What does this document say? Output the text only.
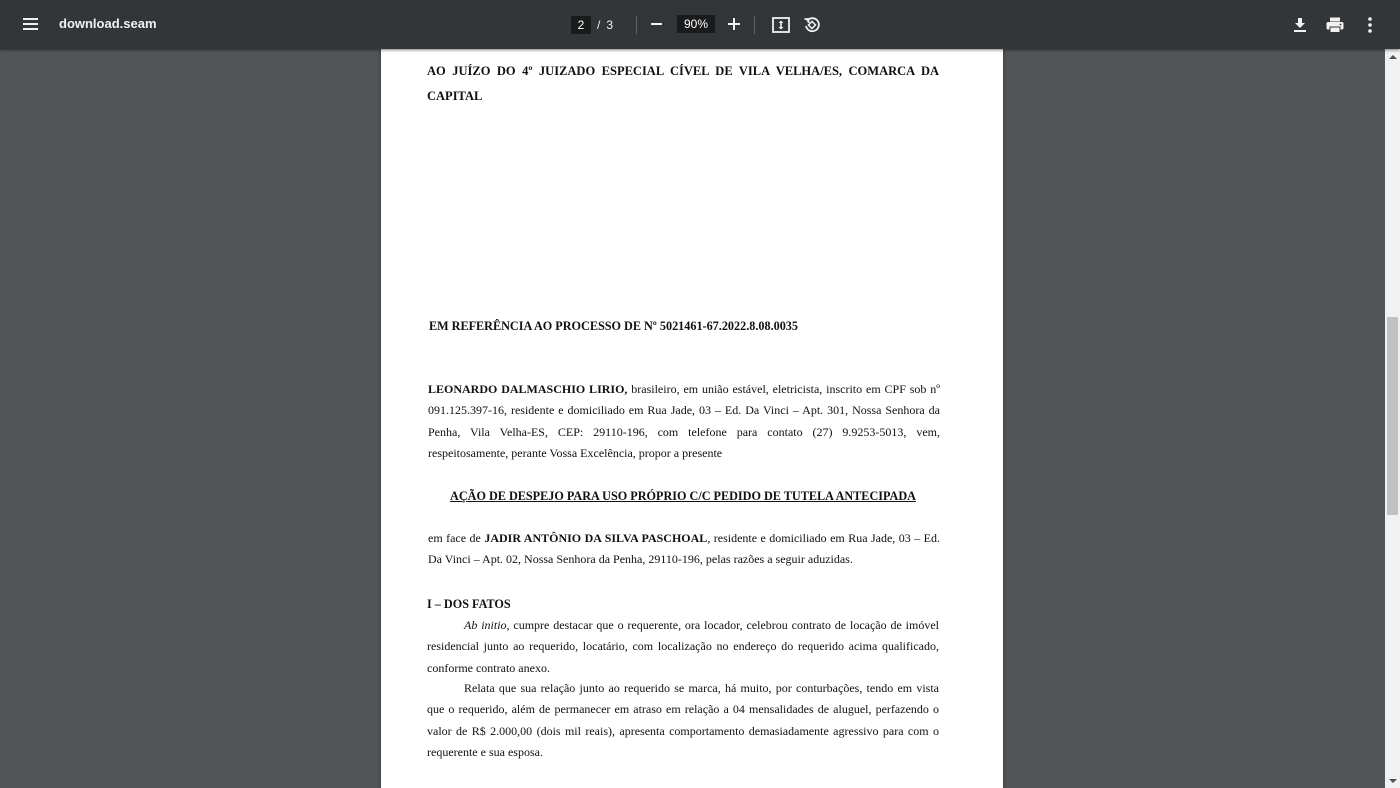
download.seam
2	/ 3
90%
AO JUÍZO DO 4º JUIZADO ESPECIAL CÍVEL DE VILA VELHA/ES, COMARCA DA CAPITAL
EM REFERÊNCIA AO PROCESSO DE Nº 5021461-67.2022.8.08.0035
LEONARDO DALMASCHIO LIRIO, brasileiro, em união estável, eletricista, inscrito em CPF sob nº 091.125.397-16, residente e domiciliado em Rua Jade, 03 – Ed. Da Vinci – Apt. 301, Nossa Senhora da Penha, Vila Velha-ES, CEP: 29110-196, com telefone para contato (27) 9.9253-5013, vem, respeitosamente, perante Vossa Excelência, propor a presente
AÇÃO DE DESPEJO PARA USO PRÓPRIO C/C PEDIDO DE TUTELA ANTECIPADA
em face de JADIR ANTÔNIO DA SILVA PASCHOAL, residente e domiciliado em Rua Jade, 03 – Ed. Da Vinci – Apt. 02, Nossa Senhora da Penha, 29110-196, pelas razões a seguir aduzidas.
I – DOS FATOS
Ab initio, cumpre destacar que o requerente, ora locador, celebrou contrato de locação de imóvel residencial junto ao requerido, locatário, com localização no endereço do requerido acima qualificado, conforme contrato anexo.
Relata que sua relação junto ao requerido se marca, há muito, por conturbações, tendo em vista que o requerido, além de permanecer em atraso em relação a 04 mensalidades de aluguel, perfazendo o valor de R$ 2.000,00 (dois mil reais), apresenta comportamento demasiadamente agressivo para com o requerente e sua esposa.
